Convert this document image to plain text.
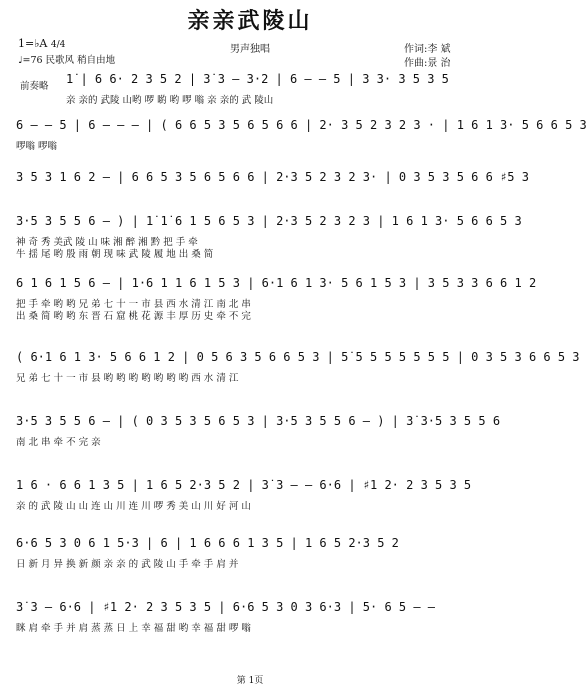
亲亲武陵山
男声独唱
1=♭A 4/4
♩=76 民歌风 稍自由地
作词:李 斌
作曲:景 治
前奏略
1̇ | 6 6· 2 3 5 2 | 3̇ 3 — 3·2 | 6 — — 5 | 3 3· 3 5 3 5
亲 亲的 武陵 山哟 啰 喲 哟 啰 嗡 亲 亲的 武 陵山
6 — — 5 | 6 — — — | ( 6 6 5 3 5 6 5 6 6 | 2· 3 5 2 3 2 3 · | 1 6 1 3· 5 6 6 5 3
啰嗡 啰嗡
3 5 3 1 6 2 — | 6 6 5 3 5 6 5 6 6 | 2·3 5 2 3 2 3· | 0 3 5 3 5 6 6 ♯5 3
3·5 3 5 5 6 — ) | 1̇ 1̇ 6 1 5 6 5 3 | 2·3 5 2 3 2 3 | 1 6 1 3· 5 6 6 5 3
神 奇 秀 美武 陵 山 味 湘 醉 湘 黔 把 手 牵
牛 揺 尾 哟 殷 雨 朝 现 味 武 陵 履 地 出 桑 简
6 1 6 1 5 6 — | 1·6 1 1 6 1 5 3 | 6·1 6 1 3· 5 6 1 5 3 | 3 5 3 3 6 6 1 2
把 手 牵 哟 哟 兄 弟 七 十 一 市 县 西 水 清 江 南 北 串
出 桑 简 哟 哟 东 晋 石 窟 桃 花 源 丰 厚 历 史 牵 不 完
( 6·1 6 1 3· 5 6 6 1 2 | 0 5 6 3 5 6 6 5 3 | 5̇ 5 5 5 5 5 5 5 | 0 3 5 3 6 6 5 3
兄 弟 七 十 一 市 县 哟 哟 哟 哟 哟 哟 哟 西 水 清 江
3·5 3 5 5 6 — | ( 0 3 5 3 5 6 5 3 | 3·5 3 5 5 6 — ) | 3̇ 3·5 3 5 5 6
南 北 串 牵 不 完 亲
1 6 · 6 6 1 3 5 | 1 6 5 2·3 5 2 | 3̇ 3 — — 6·6 | ♯1 2· 2 3 5 3 5
亲 的 武 陵 山 山 连 山 川 连 川 啰 秀 美 山 川 好 河 山
6·6 5 3 0 6 1 5·3 | 6 | 1 6 6 6 1 3 5 | 1 6 5 2·3 5 2
日 新 月 异 换 新 颜 亲 亲 的 武 陵 山 手 牵 手 肩 并
3̇ 3 — 6·6 | ♯1 2· 2 3 5 3 5 | 6·6 5 3 0 3 6·3 | 5· 6 5 — —
眯 肩 牵 手 并 肩 蒸 蒸 日 上 幸 福 甜 哟 幸 福 甜 啰 嗡
第 1页
